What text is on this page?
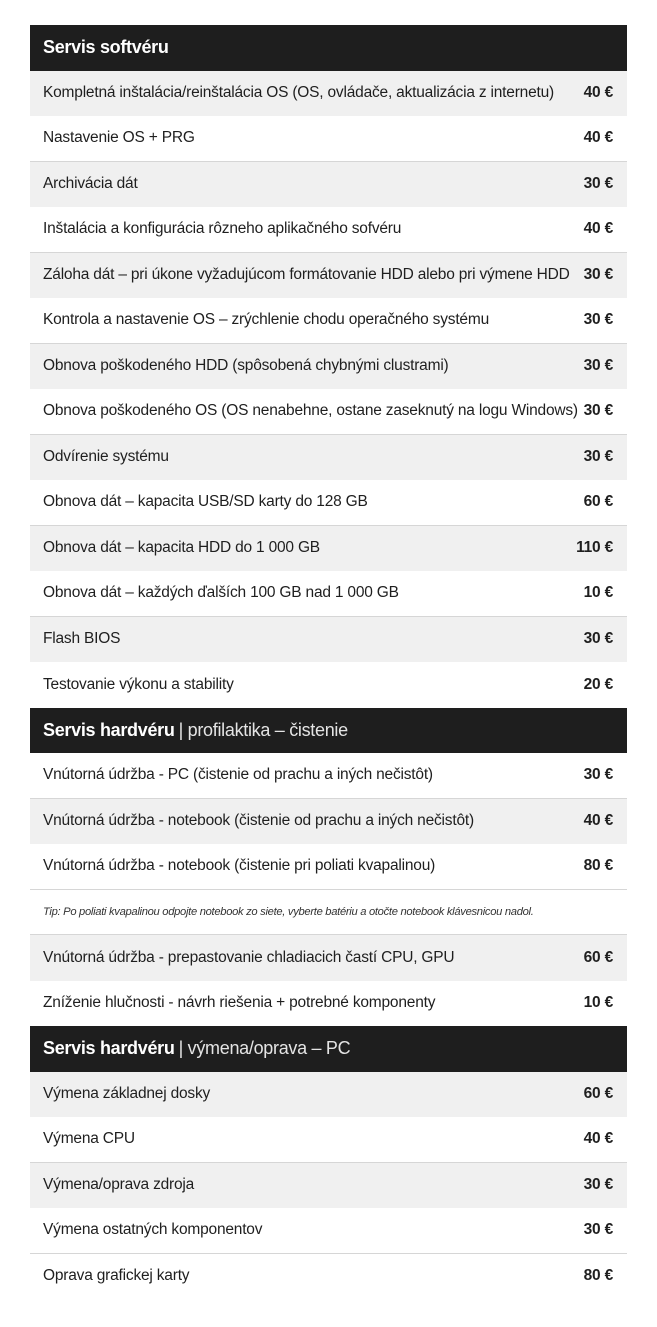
Servis softvéru
Kompletná inštalácia/reinštalácia OS (OS, ovládače, aktualizácia z internetu)	40 €
Nastavenie OS + PRG	40 €
Archivácia dát	30 €
Inštalácia a konfigurácia rôzneho aplikačného sofvéru	40 €
Záloha dát – pri úkone vyžadujúcom formátovanie HDD alebo pri výmene HDD 30 €
Kontrola a nastavenie OS – zrýchlenie chodu operačného systému	30 €
Obnova poškodeného HDD (spôsobená chybnými clustrami)	30 €
Obnova poškodeného OS (OS nenabehne, ostane zaseknutý na logu Windows) 30 €
Odvírenie systému	30 €
Obnova dát – kapacita USB/SD karty do 128 GB	60 €
Obnova dát – kapacita HDD do 1 000 GB	110 €
Obnova dát – každých ďalších 100 GB nad 1 000 GB	10 €
Flash BIOS	30 €
Testovanie výkonu a stability	20 €
Servis hardvéru | profilaktika – čistenie
Vnútorná údržba - PC (čistenie od prachu a iných nečistôt)	30 €
Vnútorná údržba - notebook (čistenie od prachu a iných nečistôt)	40 €
Vnútorná údržba - notebook (čistenie pri poliati kvapalinou)	80 €
Tip: Po poliati kvapalinou odpojte notebook zo siete, vyberte batériu a otočte notebook klávesnicou nadol.
Vnútorná údržba - prepastovanie chladiacich častí CPU, GPU	60 €
Zníženie hlučnosti - návrh riešenia + potrebné komponenty	10 €
Servis hardvéru | výmena/oprava – PC
Výmena základnej dosky	60 €
Výmena CPU	40 €
Výmena/oprava zdroja	30 €
Výmena ostatných komponentov	30 €
Oprava grafickej karty	80 €
